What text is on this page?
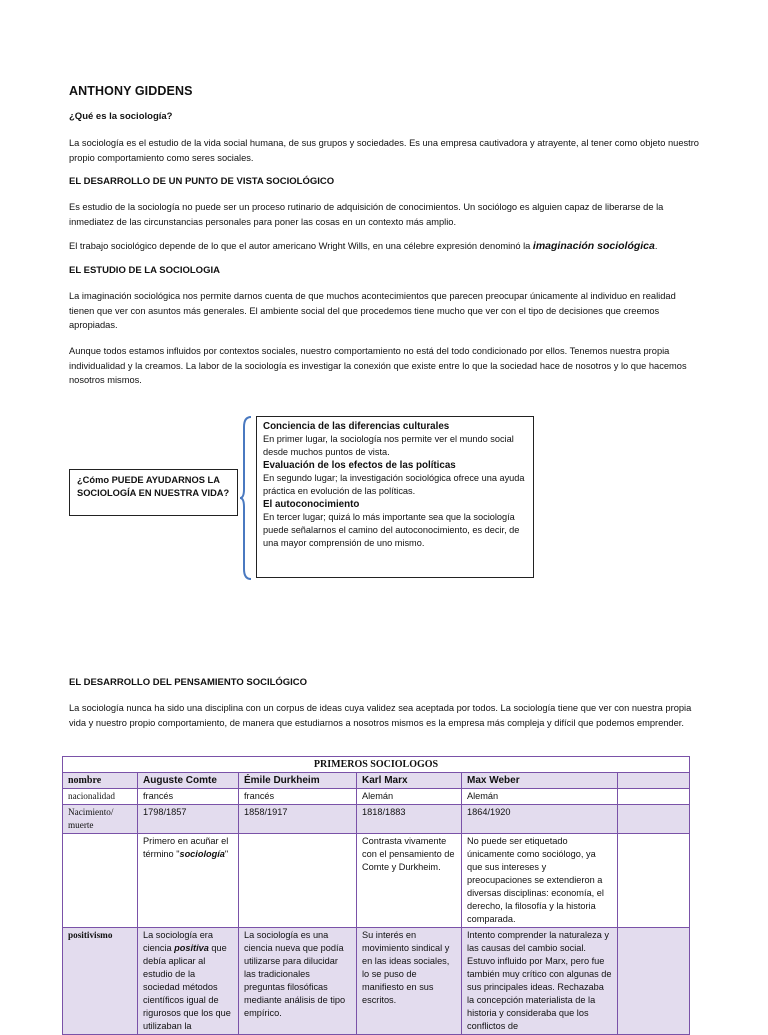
ANTHONY GIDDENS
¿Qué es la sociología?
La sociología es el estudio de la vida social humana, de sus grupos y sociedades. Es una empresa cautivadora y atrayente, al tener como objeto nuestro propio comportamiento como seres sociales.
EL DESARROLLO DE UN PUNTO DE VISTA SOCIOLÓGICO
Es estudio de la sociología no puede ser un proceso rutinario de adquisición de conocimientos. Un sociólogo es alguien capaz de liberarse de la inmediatez de las circunstancias personales para poner las cosas en un contexto más amplio.
El trabajo sociológico depende de lo que el autor americano Wright Wills, en una célebre expresión denominó la imaginación sociológica.
EL ESTUDIO DE LA SOCIOLOGIA
La imaginación sociológica nos permite darnos cuenta de que muchos acontecimientos que parecen preocupar únicamente al individuo en realidad tienen que ver con asuntos más generales. El ambiente social del que procedemos tiene mucho que ver con el tipo de decisiones que creemos apropiadas.
Aunque todos estamos influidos por contextos sociales, nuestro comportamiento no está del todo condicionado por ellos. Tenemos nuestra propia individualidad y la creamos. La labor de la sociología es investigar la conexión que existe entre lo que la sociedad hace de nosotros y lo que hacemos nosotros mismos.
¿Cómo PUEDE AYUDARNOS LA SOCIOLOGÍA EN NUESTRA VIDA?
Conciencia de las diferencias culturales
En primer lugar, la sociología nos permite ver el mundo social desde muchos puntos de vista.
Evaluación de los efectos de las políticas
En segundo lugar; la investigación sociológica ofrece una ayuda práctica en evolución de las políticas.
El autoconocimiento
En tercer lugar; quizá lo más importante sea que la sociología puede señalarnos el camino del autoconocimiento, es decir, de una mayor comprensión de uno mismo.
EL DESARROLLO DEL PENSAMIENTO SOCILÓGICO
La sociología nunca ha sido una disciplina con un corpus de ideas cuya validez sea aceptada por todos. La sociología tiene que ver con nuestra propia vida y nuestro propio comportamiento, de manera que estudiarnos a nosotros mismos es la empresa más compleja y difícil que podemos emprender.
PRIMEROS SOCIOLOGOS					
nombre	Auguste Comte	Émile Durkheim	Karl Marx	Max Weber	
nacionalidad	francés	francés	Alemán	Alemán	
Nacimiento/ muerte	1798/1857	1858/1917	1818/1883	1864/1920	
	Primero en acuñar el término "sociología"		Contrasta vivamente con el pensamiento de Comte y Durkheim.	No puede ser etiquetado únicamente como sociólogo, ya que sus intereses y preocupaciones se extendieron a diversas disciplinas: economía, el derecho, la filosofía y la historia comparada.	
positivismo	La sociología era ciencia positiva que debía aplicar al estudio de la sociedad métodos científicos igual de rigurosos que los que utilizaban la	La sociología es una ciencia nueva que podía utilizarse para dilucidar las tradicionales preguntas filosóficas mediante análisis de tipo empírico.	Su interés en movimiento sindical y en las ideas sociales, lo se puso de manifiesto en sus escritos.	Intento comprender la naturaleza y las causas del cambio social. Estuvo influido por Marx, pero fue también muy crítico con algunas de sus principales ideas. Rechazaba la concepción materialista de la historia y consideraba que los conflictos de	
